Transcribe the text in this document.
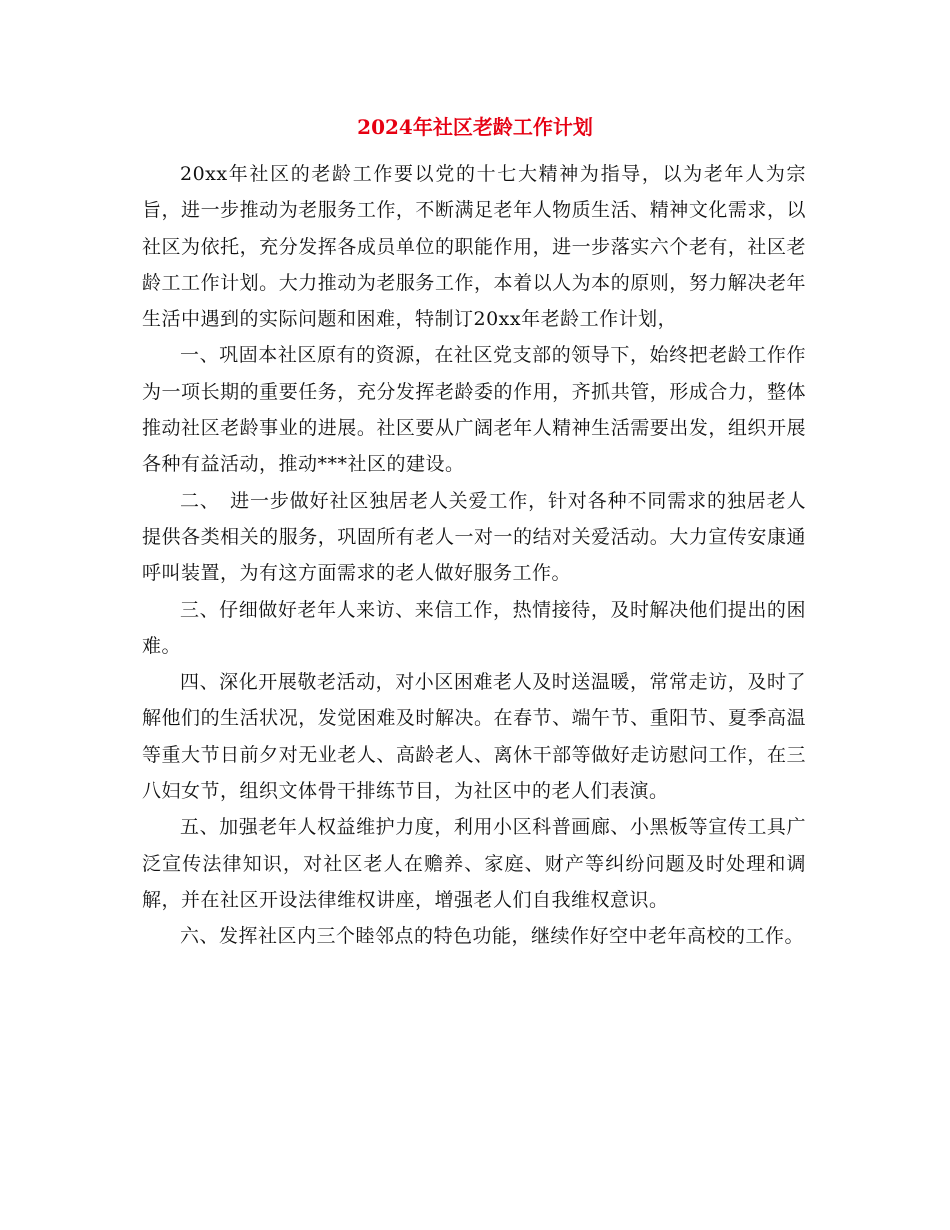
2024年社区老龄工作计划

20xx年社区的老龄工作要以党的十七大精神为指导，以为老年人为宗旨，进一步推动为老服务工作，不断满足老年人物质生活、精神文化需求，以社区为依托，充分发挥各成员单位的职能作用，进一步落实六个老有，社区老龄工工作计划。大力推动为老服务工作，本着以人为本的原则，努力解决老年生活中遇到的实际问题和困难，特制订20xx年老龄工作计划，

一、巩固本社区原有的资源，在社区党支部的领导下，始终把老龄工作作为一项长期的重要任务，充分发挥老龄委的作用，齐抓共管，形成合力，整体推动社区老龄事业的进展。社区要从广阔老年人精神生活需要出发，组织开展各种有益活动，推动***社区的建设。

二、　进一步做好社区独居老人关爱工作，针对各种不同需求的独居老人提供各类相关的服务，巩固所有老人一对一的结对关爱活动。大力宣传安康通呼叫装置，为有这方面需求的老人做好服务工作。

三、仔细做好老年人来访、来信工作，热情接待，及时解决他们提出的困难。

四、深化开展敬老活动，对小区困难老人及时送温暖，常常走访，及时了解他们的生活状况，发觉困难及时解决。在春节、端午节、重阳节、夏季高温等重大节日前夕对无业老人、高龄老人、离休干部等做好走访慰问工作，在三八妇女节，组织文体骨干排练节目，为社区中的老人们表演。

五、加强老年人权益维护力度，利用小区科普画廊、小黑板等宣传工具广泛宣传法律知识，对社区老人在赡养、家庭、财产等纠纷问题及时处理和调解，并在社区开设法律维权讲座，增强老人们自我维权意识。

六、发挥社区内三个睦邻点的特色功能，继续作好空中老年高校的工作。
